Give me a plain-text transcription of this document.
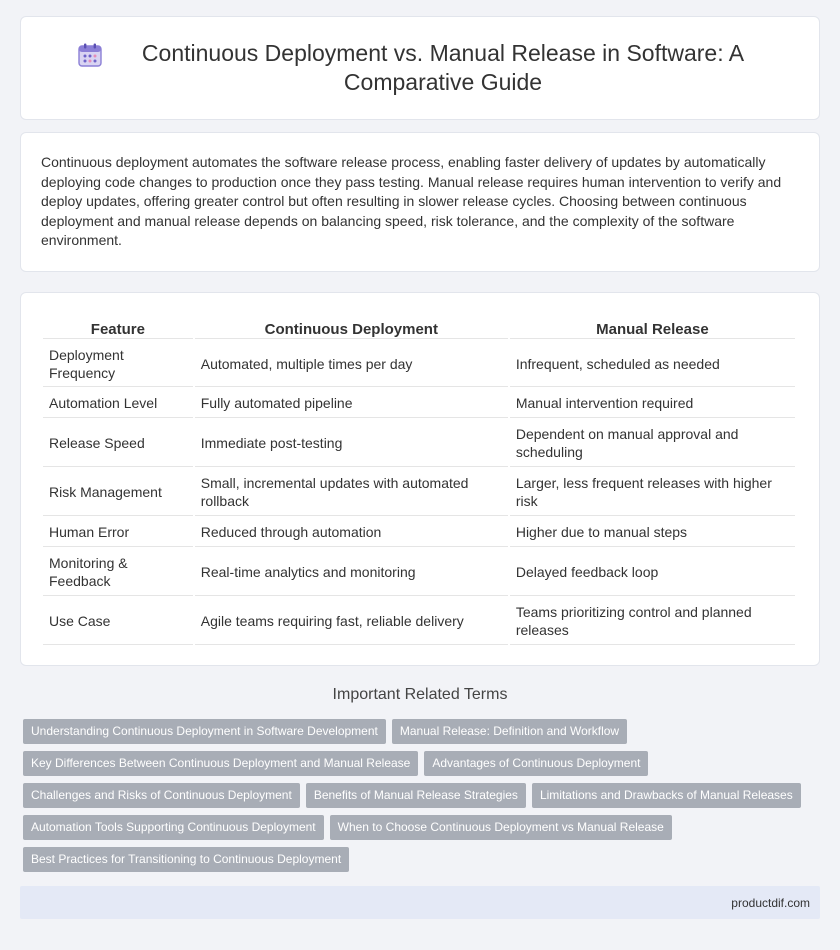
Continuous Deployment vs. Manual Release in Software: A Comparative Guide

Continuous deployment automates the software release process, enabling faster delivery of updates by automatically deploying code changes to production once they pass testing. Manual release requires human intervention to verify and deploy updates, offering greater control but often resulting in slower release cycles. Choosing between continuous deployment and manual release depends on balancing speed, risk tolerance, and the complexity of the software environment.

Feature	Continuous Deployment	Manual Release
Deployment Frequency	Automated, multiple times per day	Infrequent, scheduled as needed
Automation Level	Fully automated pipeline	Manual intervention required
Release Speed	Immediate post-testing	Dependent on manual approval and scheduling
Risk Management	Small, incremental updates with automated rollback	Larger, less frequent releases with higher risk
Human Error	Reduced through automation	Higher due to manual steps
Monitoring & Feedback	Real-time analytics and monitoring	Delayed feedback loop
Use Case	Agile teams requiring fast, reliable delivery	Teams prioritizing control and planned releases
Important Related Terms
Understanding Continuous Deployment in Software Development	Manual Release: Definition and Workflow
Key Differences Between Continuous Deployment and Manual Release	Advantages of Continuous Deployment
Challenges and Risks of Continuous Deployment	Benefits of Manual Release Strategies	Limitations and Drawbacks of Manual Releases
Automation Tools Supporting Continuous Deployment	When to Choose Continuous Deployment vs Manual Release
Best Practices for Transitioning to Continuous Deployment
productdif.com
